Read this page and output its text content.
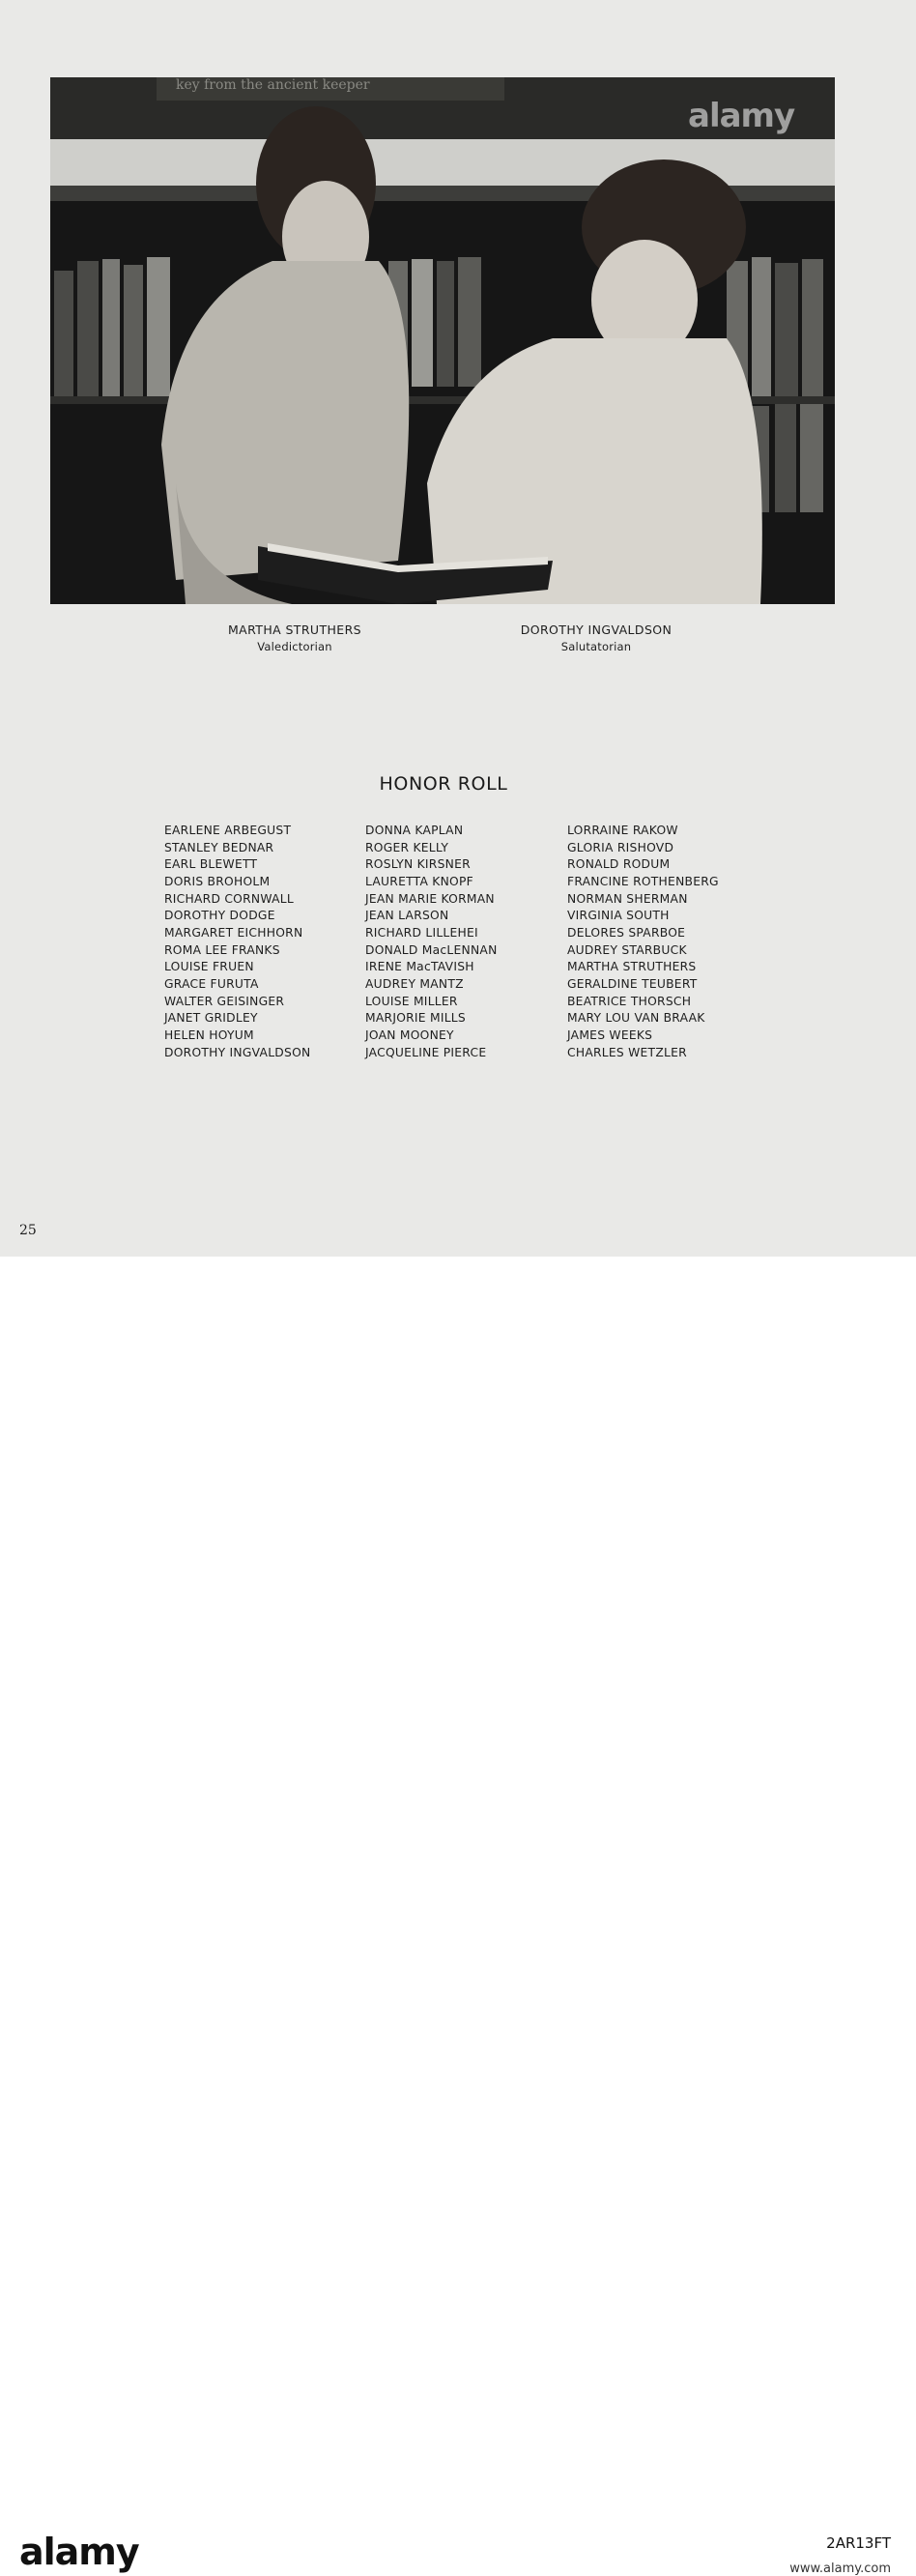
key from the ancient keeper
alamy
MARTHA STRUTHERS
Valedictorian
DOROTHY INGVALDSON
Salutatorian
HONOR ROLL
EARLENE ARBEGUST
STANLEY BEDNAR
EARL BLEWETT
DORIS BROHOLM
RICHARD CORNWALL
DOROTHY DODGE
MARGARET EICHHORN
ROMA LEE FRANKS
LOUISE FRUEN
GRACE FURUTA
WALTER GEISINGER
JANET GRIDLEY
HELEN HOYUM
DOROTHY INGVALDSON
DONNA KAPLAN
ROGER KELLY
ROSLYN KIRSNER
LAURETTA KNOPF
JEAN MARIE KORMAN
JEAN LARSON
RICHARD LILLEHEI
DONALD MacLENNAN
IRENE MacTAVISH
AUDREY MANTZ
LOUISE MILLER
MARJORIE MILLS
JOAN MOONEY
JACQUELINE PIERCE
LORRAINE RAKOW
GLORIA RISHOVD
RONALD RODUM
FRANCINE ROTHENBERG
NORMAN SHERMAN
VIRGINIA SOUTH
DELORES SPARBOE
AUDREY STARBUCK
MARTHA STRUTHERS
GERALDINE TEUBERT
BEATRICE THORSCH
MARY LOU VAN BRAAK
JAMES WEEKS
CHARLES WETZLER
25
alamy	2AR13FT
www.alamy.com
